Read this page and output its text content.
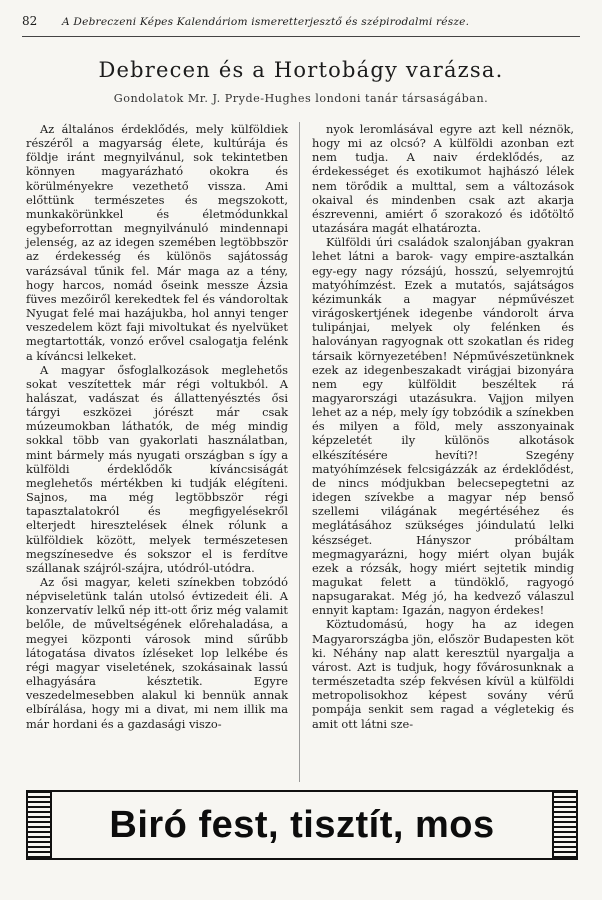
82	A Debreczeni Képes Kalendáriom ismeretterjesztő és szépirodalmi része.
Debrecen és a Hortobágy varázsa.
Gondolatok Mr. J. Pryde-Hughes londoni tanár társaságában.

Az általános érdeklődés, mely külföldiek részéről a magyarság élete, kultúrája és földje iránt megnyilvánul, sok tekintetben könnyen magyarázható okokra és körülményekre vezethető vissza. Ami előttünk természetes és megszokott, munkakörünkkel és életmódunkkal egybeforrottan megnyilvánuló mindennapi jelenség, az az idegen szemében legtöbbször az érdekesség és különös sajátosság varázsával tűnik fel. Már maga az a tény, hogy harcos, nomád őseink messze Ázsia füves mezőiről kerekedtek fel és vándoroltak Nyugat felé mai hazájukba, hol annyi tenger veszedelem közt faji mivoltukat és nyelvüket megtartották, vonzó erővel csalogatja felénk a kíváncsi lelkeket.

A magyar ősfoglalkozások meglehetős sokat veszítettek már régi voltukból. A halászat, vadászat és állattenyésztés ősi tárgyi eszközei jórészt már csak múzeumokban láthatók, de még mindig sokkal több van gyakorlati használatban, mint bármely más nyugati országban s így a külföldi érdeklődők kíváncsiságát meglehetős mértékben ki tudják elégíteni. Sajnos, ma még legtöbbször régi tapasztalatokról és megfigyelésekről elterjedt hiresztelések élnek rólunk a külföldiek között, melyek természetesen megszínesedve és sokszor el is ferdítve szállanak szájról-szájra, utódról-utódra.

Az ősi magyar, keleti színekben tobzódó népviseletünk talán utolsó évtizedeit éli. A konzervatív lelkű nép itt-ott őriz még valamit belőle, de műveltségének előrehaladása, a megyei központi városok mind sűrűbb látogatása divatos ízléseket lop lelkébe és régi magyar viseletének, szokásainak lassú elhagyására késztetik. Egyre veszedelmesebben alakul ki bennük annak elbírálása, hogy mi a divat, mi nem illik ma már hordani és a gazdasági viszo-

nyok leromlásával egyre azt kell néznök, hogy mi az olcsó? A külföldi azonban ezt nem tudja. A naiv érdeklődés, az érdekességet és exotikumot hajhászó lélek nem törődik a multtal, sem a változások okaival és mindenben csak azt akarja észrevenni, amiért ő szorakozó és időtöltő utazására magát elhatározta.

Külföldi úri családok szalonjában gyakran lehet látni a barok- vagy empire-asztalkán egy-egy nagy rózsájú, hosszú, selyemrojtú matyóhímzést. Ezek a mutatós, sajátságos kézimunkák a magyar népművészet virágoskertjének idegenbe vándorolt árva tulipánjai, melyek oly felénken és haloványan ragyognak ott szokatlan és rideg társaik környezetében! Népművészetünknek ezek az idegenbeszakadt virágjai bizonyára nem egy külföldit beszéltek rá magyarországi utazásukra. Vajjon milyen lehet az a nép, mely így tobzódik a színekben és milyen a föld, mely asszonyainak képzeletét ily különös alkotások elkészítésére hevíti?! Szegény matyóhímzések felcsigázzák az érdeklődést, de nincs módjukban belecsepegtetni az idegen szívekbe a magyar nép benső szellemi világának megértéséhez és meglátásához szükséges jóindulatú lelki készséget. Hányszor próbáltam megmagyarázni, hogy miért olyan buják ezek a rózsák, hogy miért sejtetik mindig magukat felett a tündöklő, ragyogó napsugarakat. Még jó, ha kedvező válaszul ennyit kaptam: Igazán, nagyon érdekes!

Köztudomású, hogy ha az idegen Magyarországba jön, először Budapesten köt ki. Néhány nap alatt keresztül nyargalja a várost. Azt is tudjuk, hogy fővárosunknak a természetadta szép fekvésen kívül a külföldi metropolisokhoz képest sovány vérű pompája senkit sem ragad a végletekig és amit ott látni sze-

Biró fest, tisztít, mos
